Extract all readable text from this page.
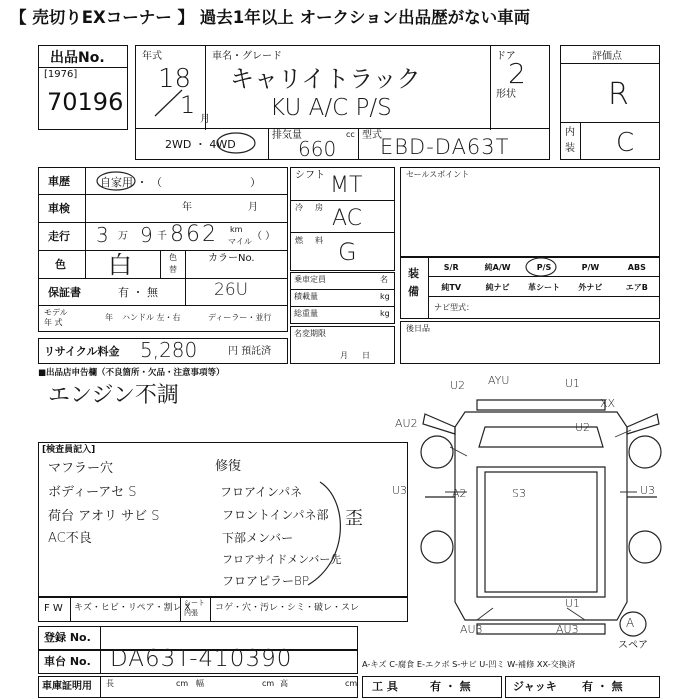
【 売切りEXコーナー 】 過去1年以上 オークション出品歴がない車両
出品No.
[1976]
70196
年式
18
1
月
車名・グレード
キャリイトラック
KU A/C P/S
ドア
2
形状
2WD ・ 4WD
排気量
660
cc 型式
EBD-DA63T
評価点
R
内
装 C
車歴	自家用 ・ （	）
車検	年	月
走行 3 万 9 千 862 km
マイル （ ）
色 白	色
替
カラーNo.
26U
保証書	有 ・ 無
モデル
年 式
年 ハンドル 左・右	ディーラー・並行
リサイクル料金 5,280	円 預託済
シフト MT
冷 房 AC
燃 料 G
乗車定員	名
積載量	kg
総重量	kg
名変期限
月日
セールスポイント
装
備
S/R	純A/W	P/S	P/W	ABS
純TV	純ナビ	革シート	外ナビ	エアB
ナビ型式：
後日品
■出品店申告欄（不良箇所・欠品・注意事項等）
エンジン不調
[検査員記入]
マフラー穴
ボディーアセ S
荷台 アオリ サビ S
AC不良
修復
フロアインパネ
フロントインパネ部
下部メンバー
フロアサイドメンバー先
フロアピラーBP
歪
F W キズ・ヒビ・リペア・割レ X
シート
内張 コゲ・穴・汚レ・シミ・破レ・スレ
登録 No.
車台 No. DA63T-410390	A-キズ C-腐食 E-エクボ S-サビ U-凹ミ W-補修 XX-交換済
車庫証明用 長	cm 幅	cm 高	cm 工 具	有 ・ 無	ジャッキ 有 ・ 無
U2 AYU	U1
XX
AU2	U2
U3	A2	S3	U3
AU3	AU3
U1
A
スペア
